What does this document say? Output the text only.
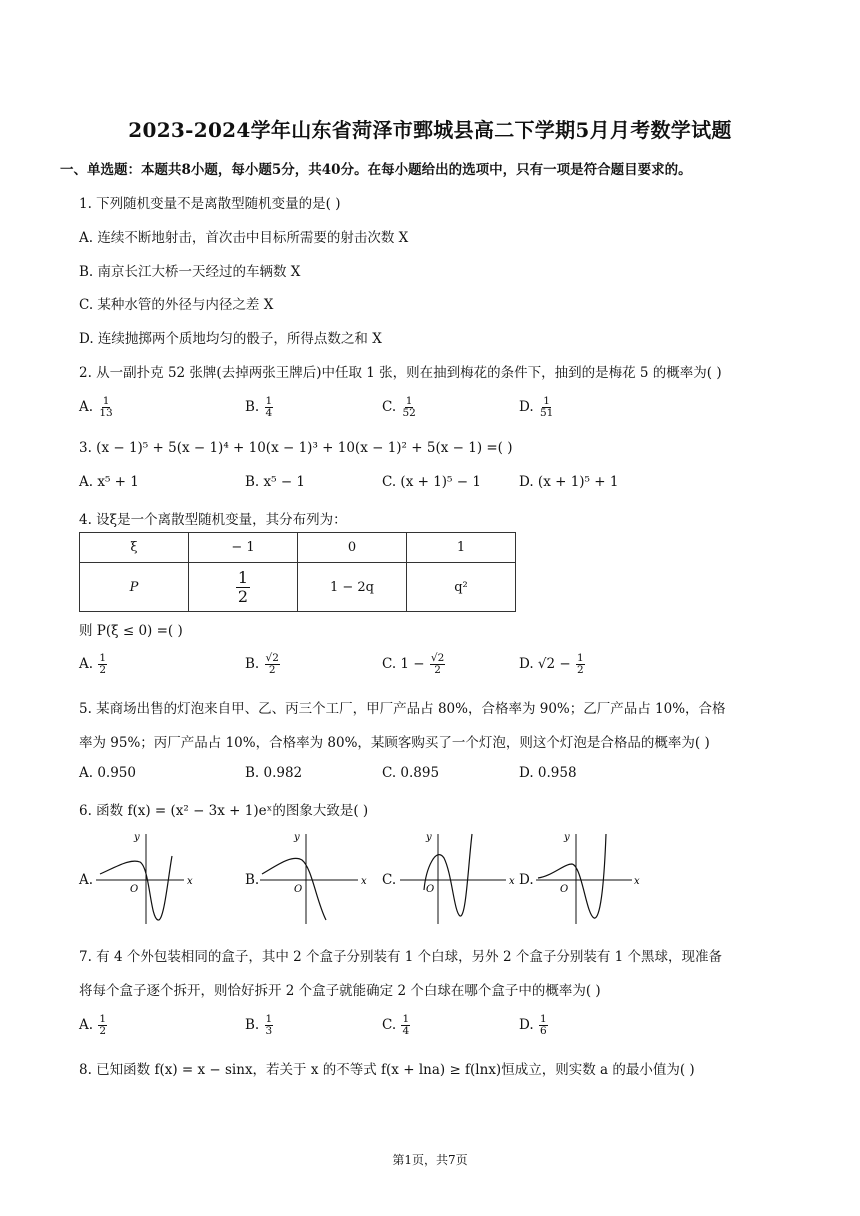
2023-2024学年山东省菏泽市鄄城县高二下学期5月月考数学试题
一、单选题：本题共8小题，每小题5分，共40分。在每小题给出的选项中，只有一项是符合题目要求的。
1. 下列随机变量不是离散型随机变量的是( )
A. 连续不断地射击，首次击中目标所需要的射击次数 X
B. 南京长江大桥一天经过的车辆数 X
C. 某种水管的外径与内径之差 X
D. 连续抛掷两个质地均匀的骰子，所得点数之和 X
2. 从一副扑克 52 张牌(去掉两张王牌后)中任取 1 张，则在抽到梅花的条件下，抽到的是梅花 5 的概率为( )
A. $\frac{1}{13}$	B. $\frac{1}{4}$	C. $\frac{1}{52}$	D. $\frac{1}{51}$
3. (x − 1)⁵ + 5(x − 1)⁴ + 10(x − 1)³ + 10(x − 1)² + 5(x − 1) =( )
A. x⁵ + 1	B. x⁵ − 1	C. (x + 1)⁵ − 1	D. (x + 1)⁵ + 1
4. 设ξ是一个离散型随机变量，其分布列为：
ξ	− 1	0	1
P	$\frac{1}{2}$	1 − 2q	q²
则 P(ξ ≤ 0) =( )
A. $\frac{1}{2}$	B. $\frac{√2}{2}$	C. $1 - \frac{√2}{2}$	D. $√2 - \frac{1}{2}$
5. 某商场出售的灯泡来自甲、乙、丙三个工厂，甲厂产品占 80%，合格率为 90%；乙厂产品占 10%，合格
率为 95%；丙厂产品占 10%，合格率为 80%，某顾客购买了一个灯泡，则这个灯泡是合格品的概率为( )
A. 0.950	B. 0.982	C. 0.895	D. 0.958
6. 函数 f(x) = (x² − 3x + 1)eˣ的图象大致是( )
A.
y
x
O
B.
y
x
O
C.
y
x
O
D.
y
x
O
7. 有 4 个外包装相同的盒子，其中 2 个盒子分别装有 1 个白球，另外 2 个盒子分别装有 1 个黑球，现准备
将每个盒子逐个拆开，则恰好拆开 2 个盒子就能确定 2 个白球在哪个盒子中的概率为( )
A. $\frac{1}{2}$	B. $\frac{1}{3}$	C. $\frac{1}{4}$	D. $\frac{1}{6}$
8. 已知函数 f(x) = x − sinx，若关于 x 的不等式 f(x + lna) ≥ f(lnx)恒成立，则实数 a 的最小值为( )
第1页，共7页
